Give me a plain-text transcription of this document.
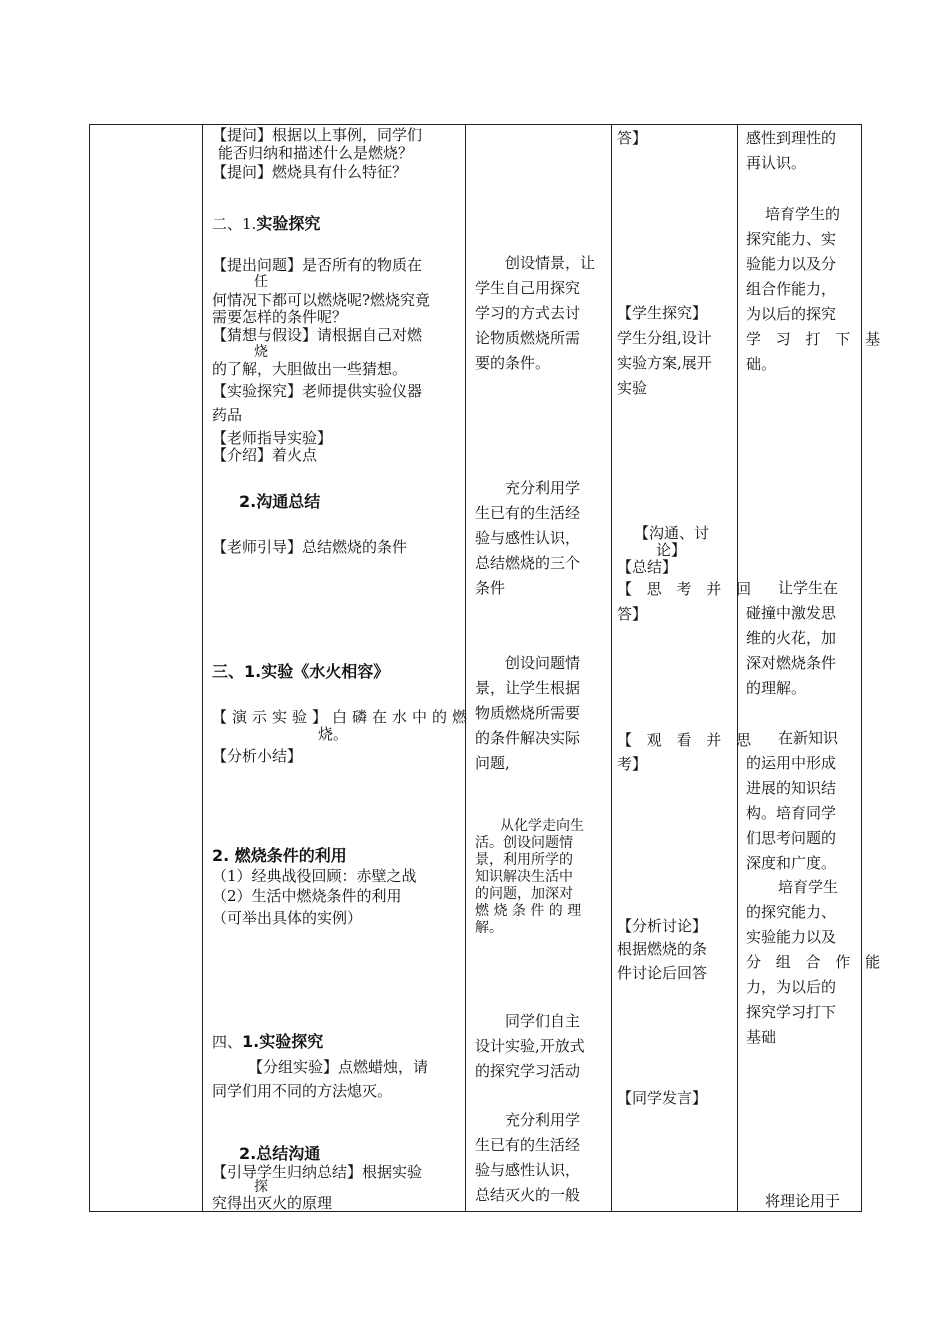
【提问】根据以上事例，同学们
能否归纳和描述什么是燃烧？
【提问】燃烧具有什么特征？
二、1.实验探究
【提出问题】是否所有的物质在
任
何情况下都可以燃烧呢?燃烧究竟
需要怎样的条件呢？
【猜想与假设】请根据自己对燃
烧
的了解，大胆做出一些猜想。
【实验探究】老师提供实验仪器
药品
【老师指导实验】
【介绍】着火点
2.沟通总结
【老师引导】总结燃烧的条件
三、1.实验《水火相容》
【演示实验】白磷在水中的燃
烧。
【分析小结】
2. 燃烧条件的利用
（1）经典战役回顾：赤壁之战
（2）生活中燃烧条件的利用
（可举出具体的实例）
四、1.实验探究
【分组实验】点燃蜡烛，请
同学们用不同的方法熄灭。
2.总结沟通
【引导学生归纳总结】根据实验
探
究得出灭火的原理
创设情景，让
学生自己用探究
学习的方式去讨
论物质燃烧所需
要的条件。
充分利用学
生已有的生活经
验与感性认识，
总结燃烧的三个
条件
创设问题情
景，让学生根据
物质燃烧所需要
的条件解决实际
问题,
从化学走向生
活。创设问题情
景，利用所学的
知识解决生活中
的问题，加深对
燃 烧 条 件 的 理
解。
同学们自主
设计实验,开放式
的探究学习活动
充分利用学
生已有的生活经
验与感性认识，
总结灭火的一般
答】
【学生探究】
学生分组,设计
实验方案,展开
实验
【沟通、讨
论】
【总结】
【 思 考 并 回
答】
【 观 看 并 思
考】
【分析讨论】
根据燃烧的条
件讨论后回答
【同学发言】
感性到理性的
再认识。
培育学生的
探究能力、实
验能力以及分
组合作能力，
为以后的探究
学 习 打 下 基
础。
让学生在
碰撞中激发思
维的火花，加
深对燃烧条件
的理解。
在新知识
的运用中形成
进展的知识结
构。培育同学
们思考问题的
深度和广度。
培育学生
的探究能力、
实验能力以及
分 组 合 作 能
力，为以后的
探究学习打下
基础
将理论用于
